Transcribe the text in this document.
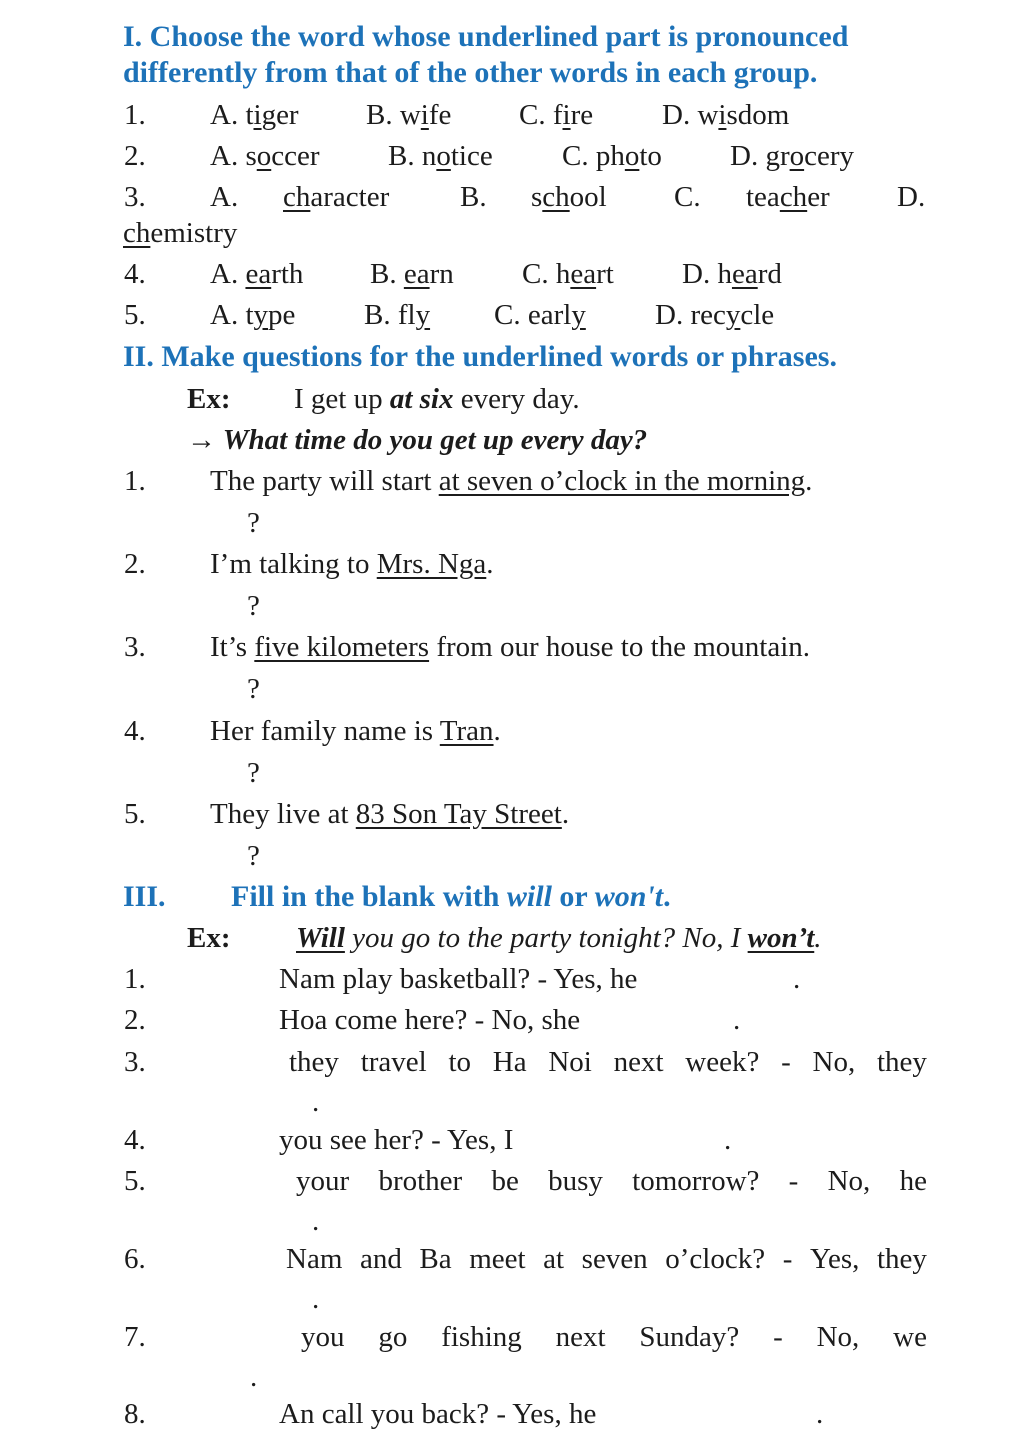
I. Choose the word whose underlined part is pronounced
differently from that of the other words in each group.
1. A. tiger B. wife C. fire D. wisdom
2. A. soccer B. notice C. photo D. grocery
3. A. character B. school C. teacher D.
chemistry
4. A. earth B. earn C. heart D. heard
5. A. type B. fly C. early D. recycle
II. Make questions for the underlined words or phrases.
Ex: I get up at six every day.
→ What time do you get up every day?
1. The party will start at seven o’clock in the morning.
?
2. I’m talking to Mrs. Nga.
?
3. It’s five kilometers from our house to the mountain.
?
4. Her family name is Tran.
?
5. They live at 83 Son Tay Street.
?
III. Fill in the blank with will or won't.
Ex: Will you go to the party tonight? No, I won’t.
1.	Nam play basketball? - Yes, he	.
2.	Hoa come here? - No, she	.
3.	they travel to Ha Noi next week? - No, they
.
4.	you see her? - Yes, I	.
5.	your brother be busy tomorrow? - No, he
.
6.	Nam and Ba meet at seven o’clock? - Yes, they
.
7.	you go fishing next Sunday? - No, we
.
8.	An call you back? - Yes, he	.
